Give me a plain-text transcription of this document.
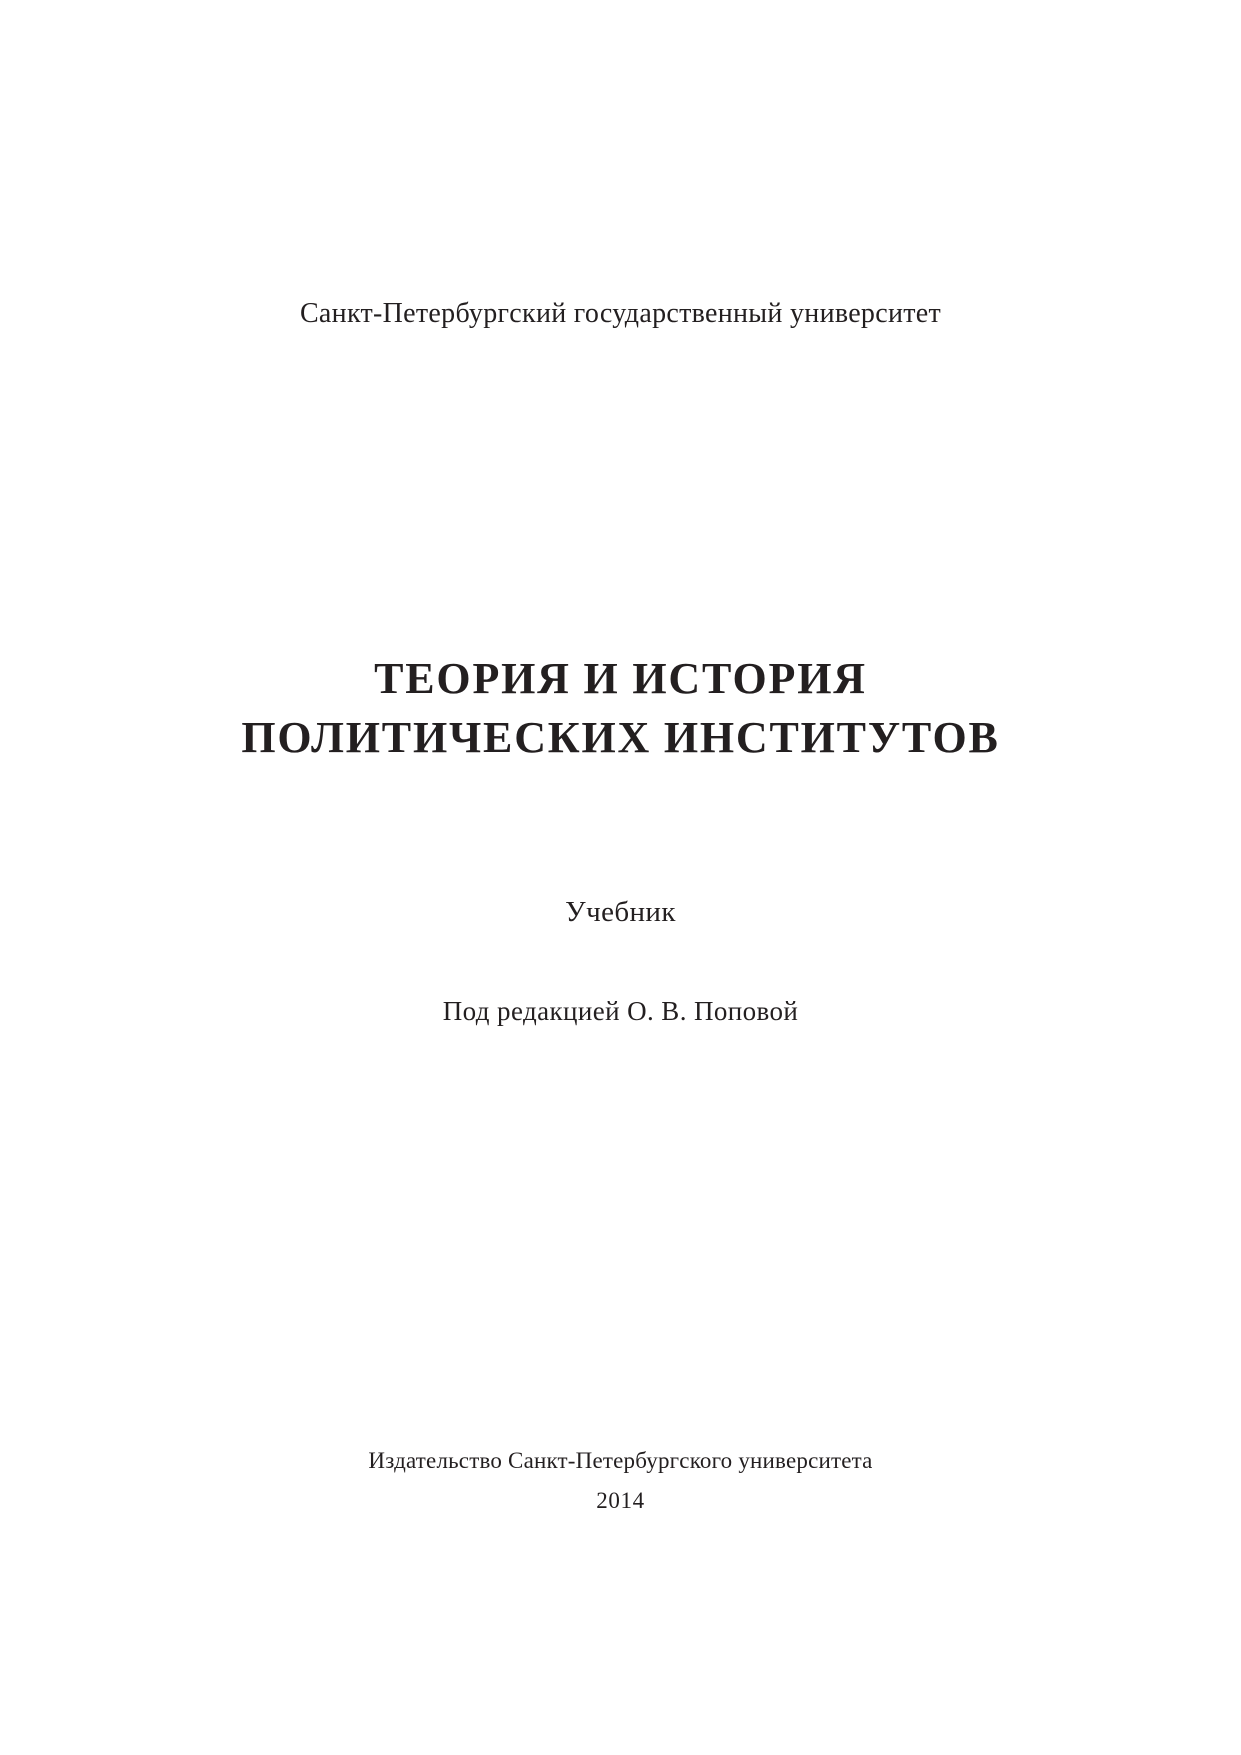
Санкт-Петербургский государственный университет
ТЕОРИЯ И ИСТОРИЯ
ПОЛИТИЧЕСКИХ ИНСТИТУТОВ
Учебник
Под редакцией О. В. Поповой
Издательство Санкт-Петербургского университета
2014
